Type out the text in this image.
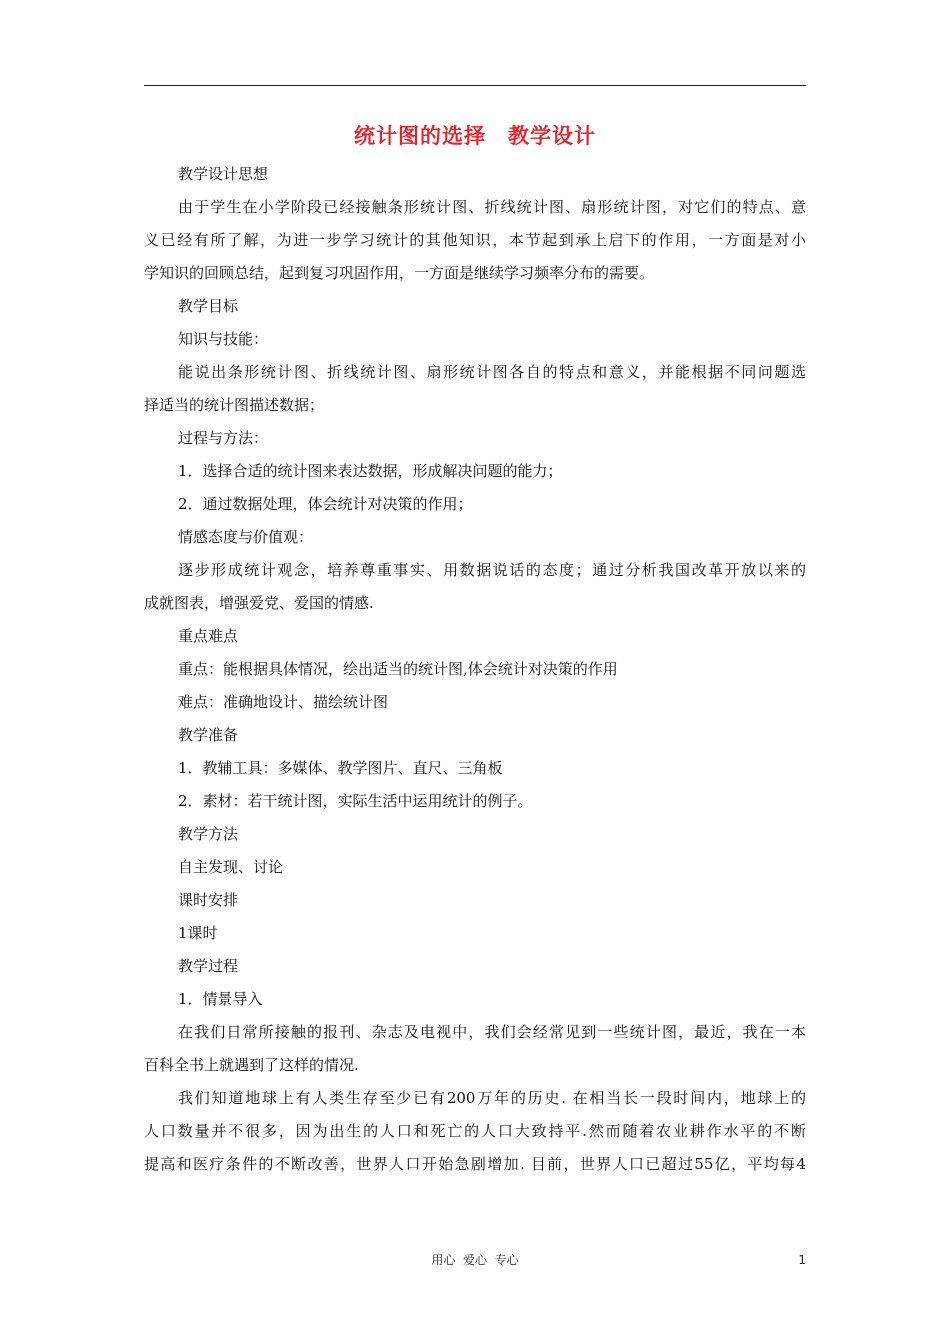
统计图的选择　教学设计

教学设计思想

由于学生在小学阶段已经接触条形统计图、折线统计图、扇形统计图，对它们的特点、意

义已经有所了解，为进一步学习统计的其他知识，本节起到承上启下的作用，一方面是对小

学知识的回顾总结，起到复习巩固作用，一方面是继续学习频率分布的需要。

教学目标

知识与技能：

能说出条形统计图、折线统计图、扇形统计图各自的特点和意义，并能根据不同问题选

择适当的统计图描述数据；

过程与方法：

1．选择合适的统计图来表达数据，形成解决问题的能力；

2．通过数据处理，体会统计对决策的作用；

情感态度与价值观：

逐步形成统计观念，培养尊重事实、用数据说话的态度；通过分析我国改革开放以来的

成就图表，增强爱党、爱国的情感.

重点难点

重点：能根据具体情况，绘出适当的统计图,体会统计对决策的作用

难点：准确地设计、描绘统计图

教学准备

1．教辅工具：多媒体、教学图片、直尺、三角板

2．素材：若干统计图，实际生活中运用统计的例子。

教学方法

自主发现、讨论

课时安排

1课时

教学过程

1．情景导入

在我们日常所接触的报刊、杂志及电视中，我们会经常见到一些统计图，最近，我在一本

百科全书上就遇到了这样的情况.

我们知道地球上有人类生存至少已有200万年的历史. 在相当长一段时间内，地球上的

人口数量并不很多，因为出生的人口和死亡的人口大致持平.然而随着农业耕作水平的不断

提高和医疗条件的不断改善，世界人口开始急剧增加. 目前，世界人口已超过55亿，平均每4

用心  爱心  专心	1
